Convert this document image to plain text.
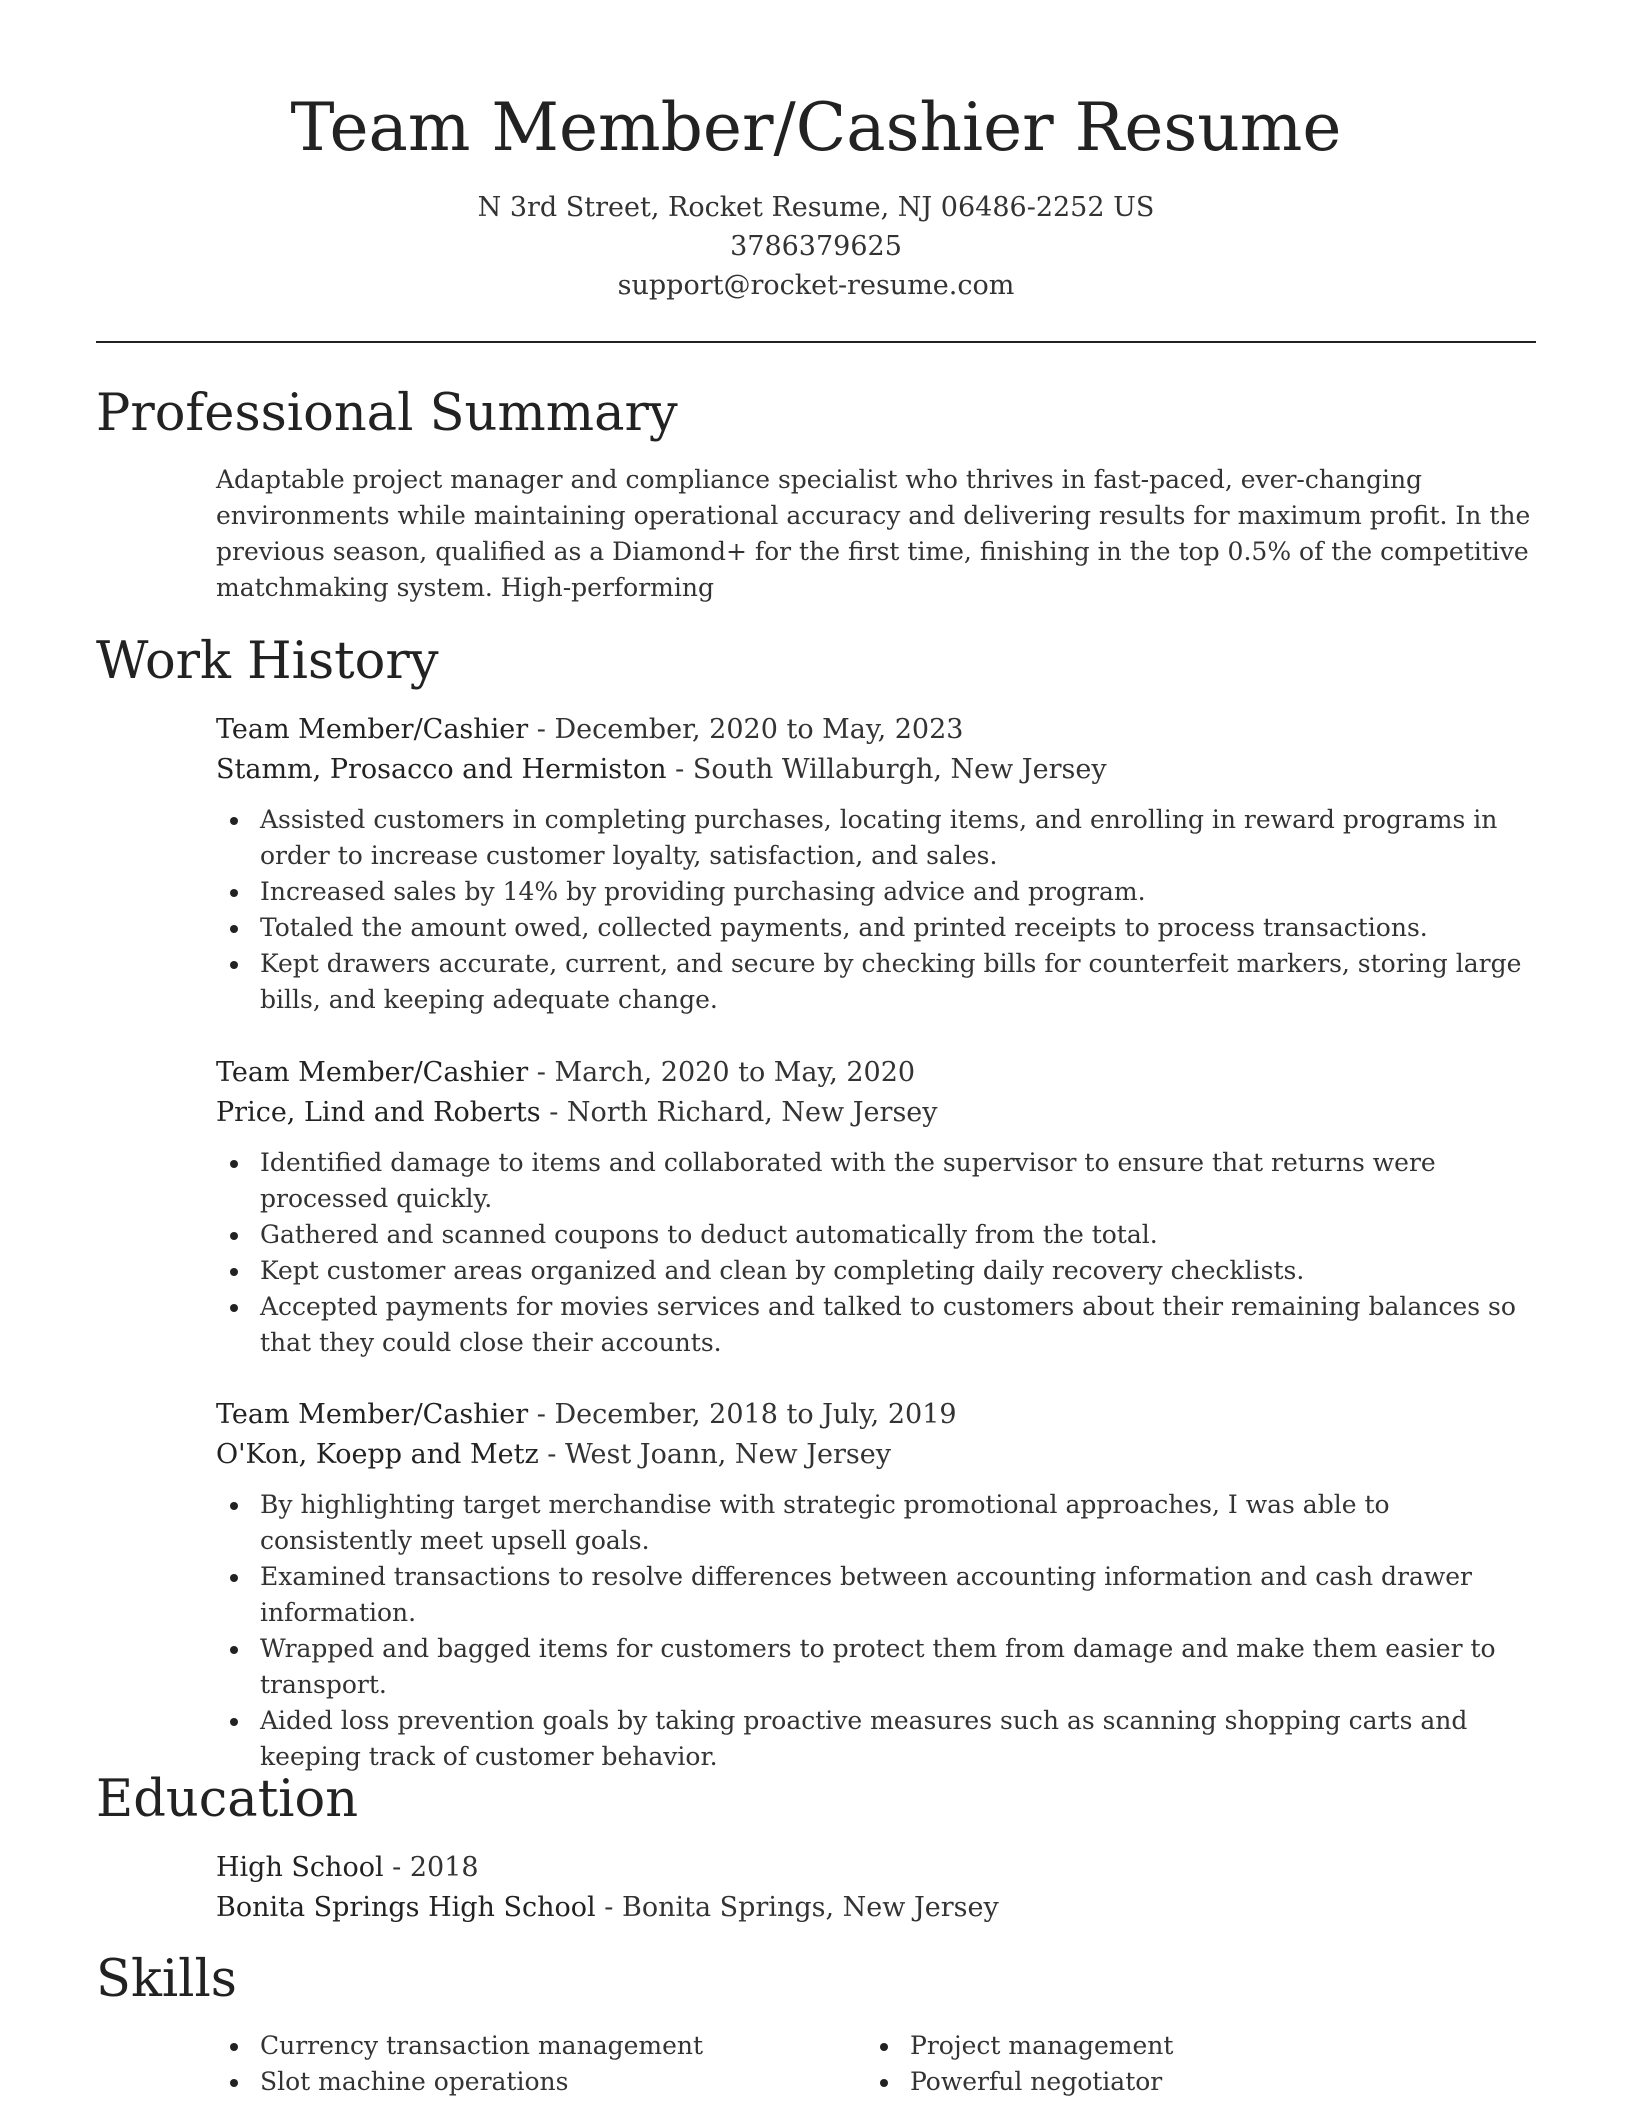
Team Member/Cashier Resume

N 3rd Street, Rocket Resume, NJ 06486-2252 US

3786379625

support@rocket-resume.com

Professional Summary

Adaptable project manager and compliance specialist who thrives in fast-paced, ever-changing environments while maintaining operational accuracy and delivering results for maximum profit. In the previous season, qualified as a Diamond+ for the first time, finishing in the top 0.5% of the competitive matchmaking system. High-performing

Work History

Team Member/Cashier - December, 2020 to May, 2023

Stamm, Prosacco and Hermiston - South Willaburgh, New Jersey

Assisted customers in completing purchases, locating items, and enrolling in reward programs in order to increase customer loyalty, satisfaction, and sales.
Increased sales by 14% by providing purchasing advice and program.
Totaled the amount owed, collected payments, and printed receipts to process transactions.
Kept drawers accurate, current, and secure by checking bills for counterfeit markers, storing large bills, and keeping adequate change.

Team Member/Cashier - March, 2020 to May, 2020

Price, Lind and Roberts - North Richard, New Jersey

Identified damage to items and collaborated with the supervisor to ensure that returns were processed quickly.
Gathered and scanned coupons to deduct automatically from the total.
Kept customer areas organized and clean by completing daily recovery checklists.
Accepted payments for movies services and talked to customers about their remaining balances so that they could close their accounts.

Team Member/Cashier - December, 2018 to July, 2019

O'Kon, Koepp and Metz - West Joann, New Jersey

By highlighting target merchandise with strategic promotional approaches, I was able to consistently meet upsell goals.
Examined transactions to resolve differences between accounting information and cash drawer information.
Wrapped and bagged items for customers to protect them from damage and make them easier to transport.
Aided loss prevention goals by taking proactive measures such as scanning shopping carts and keeping track of customer behavior.
Education

High School - 2018

Bonita Springs High School - Bonita Springs, New Jersey

Skills
Currency transaction management
Slot machine operations
Project management
Powerful negotiator
